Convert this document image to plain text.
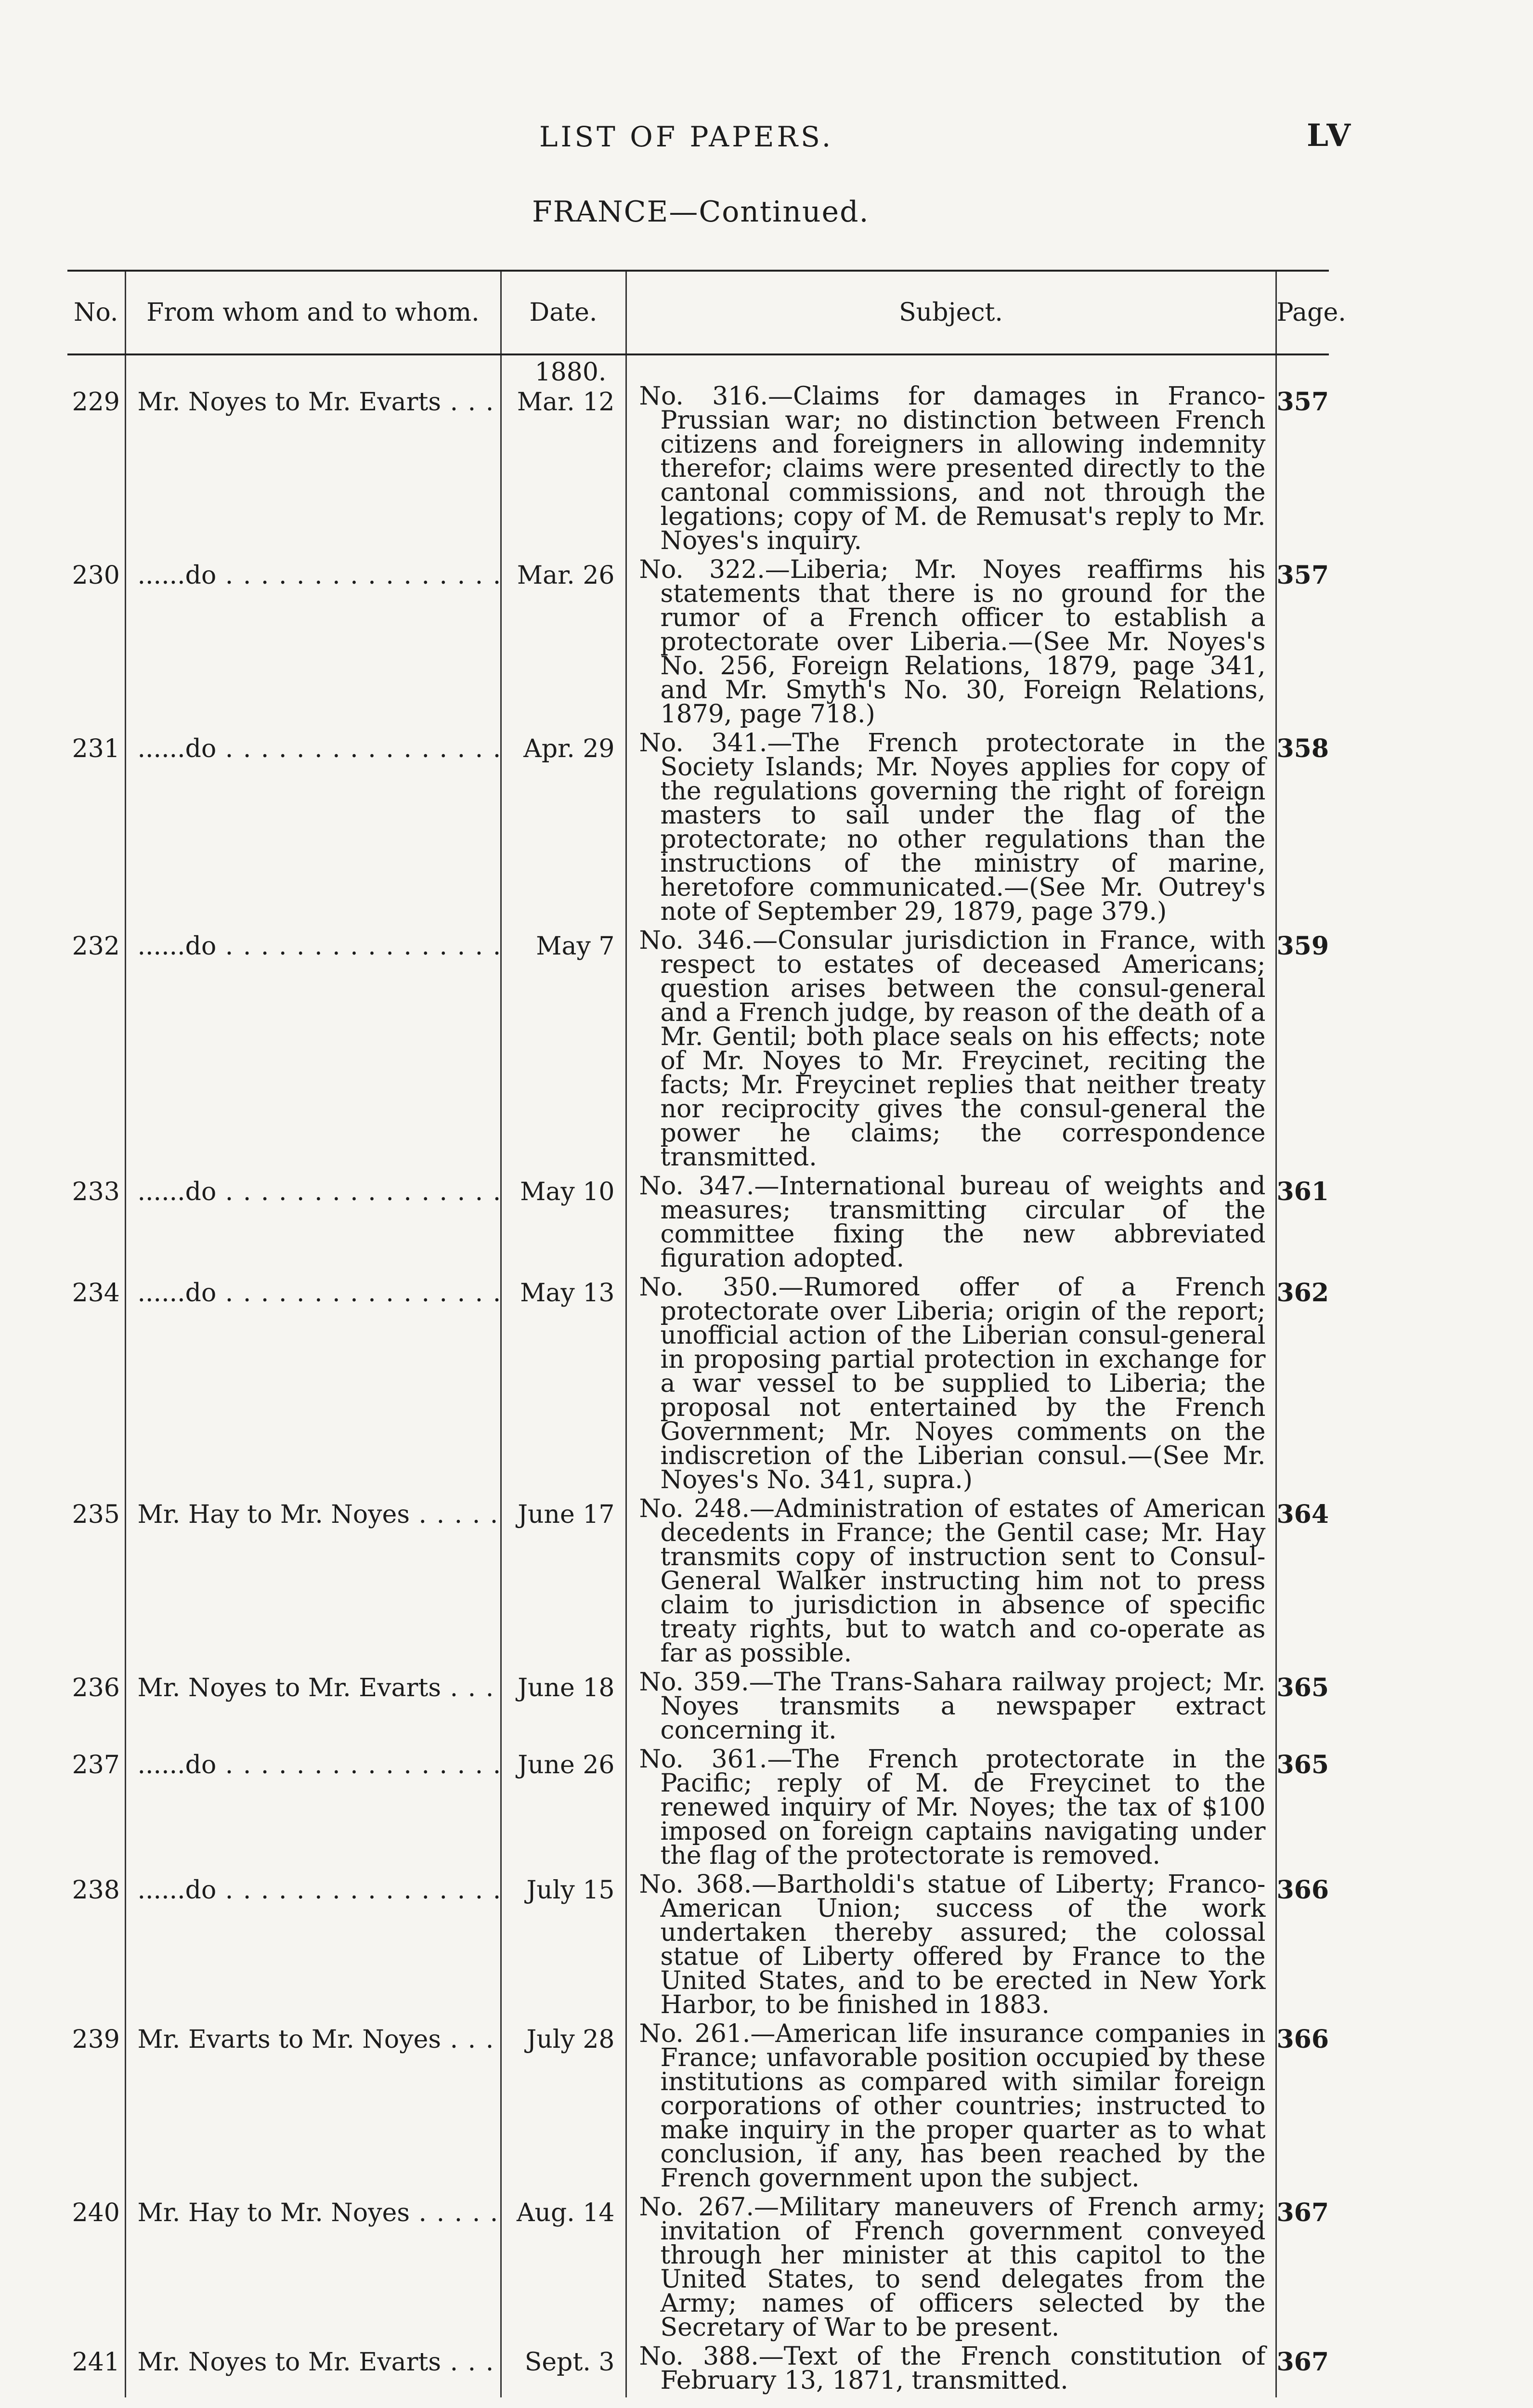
LIST OF PAPERS.	LV
FRANCE—Continued.
No.	From whom and to whom.	Date.	Subject.	Page.

		1880.		

229	Mr. Noyes to Mr. Evarts . . .	Mar. 12	No. 316.—Claims for damages in Franco-Prussian war; no distinction between French citizens and foreigners in allowing indemnity therefor; claims were presented directly to the cantonal commissions, and not through the legations; copy of M. de Remusat's reply to Mr. Noyes's inquiry.	357

230	......do . . .	Mar. 26	No. 322.—Liberia; Mr. Noyes reaffirms his statements that there is no ground for the rumor of a French officer to establish a protectorate over Liberia.—(See Mr. Noyes's No. 256, Foreign Relations, 1879, page 341, and Mr. Smyth's No. 30, Foreign Relations, 1879, page 718.)	357

231	......do . . .	Apr. 29	No. 341.—The French protectorate in the Society Islands; Mr. Noyes applies for copy of the regulations governing the right of foreign masters to sail under the flag of the protectorate; no other regulations than the instructions of the ministry of marine, heretofore communicated.—(See Mr. Outrey's note of September 29, 1879, page 379.)	358

232	......do . . .	May 7	No. 346.—Consular jurisdiction in France, with respect to estates of deceased Americans; question arises between the consul-general and a French judge, by reason of the death of a Mr. Gentil; both place seals on his effects; note of Mr. Noyes to Mr. Freycinet, reciting the facts; Mr. Freycinet replies that neither treaty nor reciprocity gives the consul-general the power he claims; the correspondence transmitted.	359

233	......do . . .	May 10	No. 347.—International bureau of weights and measures; transmitting circular of the committee fixing the new abbreviated figuration adopted.	361

234	......do . . .	May 13	No. 350.—Rumored offer of a French protectorate over Liberia; origin of the report; unofficial action of the Liberian consul-general in proposing partial protection in exchange for a war vessel to be supplied to Liberia; the proposal not entertained by the French Government; Mr. Noyes comments on the indiscretion of the Liberian consul.—(See Mr. Noyes's No. 341, supra.)	362

235	Mr. Hay to Mr. Noyes . . .	June 17	No. 248.—Administration of estates of American decedents in France; the Gentil case; Mr. Hay transmits copy of instruction sent to Consul-General Walker instructing him not to press claim to jurisdiction in absence of specific treaty rights, but to watch and co-operate as far as possible.	364

236	Mr. Noyes to Mr. Evarts . . .	June 18	No. 359.—The Trans-Sahara railway project; Mr. Noyes transmits a newspaper extract concerning it.	365

237	......do . . .	June 26	No. 361.—The French protectorate in the Pacific; reply of M. de Freycinet to the renewed inquiry of Mr. Noyes; the tax of $100 imposed on foreign captains navigating under the flag of the protectorate is removed.	365

238	......do . . .	July 15	No. 368.—Bartholdi's statue of Liberty; Franco-American Union; success of the work undertaken thereby assured; the colossal statue of Liberty offered by France to the United States, and to be erected in New York Harbor, to be finished in 1883.	366

239	Mr. Evarts to Mr. Noyes . . .	July 28	No. 261.—American life insurance companies in France; unfavorable position occupied by these institutions as compared with similar foreign corporations of other countries; instructed to make inquiry in the proper quarter as to what conclusion, if any, has been reached by the French government upon the subject.	366

240	Mr. Hay to Mr. Noyes . . .	Aug. 14	No. 267.—Military maneuvers of French army; invitation of French government conveyed through her minister at this capitol to the United States, to send delegates from the Army; names of officers selected by the Secretary of War to be present.	367

241	Mr. Noyes to Mr. Evarts . . .	Sept. 3	No. 388.—Text of the French constitution of February 13, 1871, transmitted.	367
